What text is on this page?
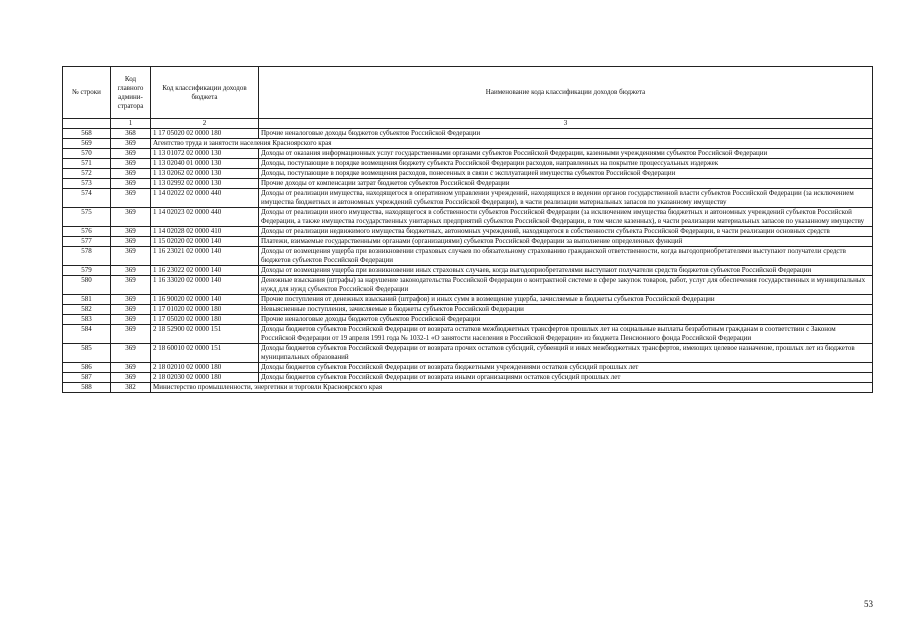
№ строки	Код главного админи-стратора	Код классификации доходов бюджета	Наименование кода классификации доходов бюджета
	1	2	3
568	368	1 17 05020 02 0000 180	Прочие неналоговые доходы бюджетов субъектов Российской Федерации
569	369	Агентство труда и занятости населения Красноярского края	
570	369	1 13 01072 02 0000 130	Доходы от оказания информационных услуг государственными органами субъектов Российской Федерации, казенными учреждениями субъектов Российской Федерации
571	369	1 13 02040 01 0000 130	Доходы, поступающие в порядке возмещения бюджету субъекта Российской Федерации расходов, направленных на покрытие процессуальных издержек
572	369	1 13 02062 02 0000 130	Доходы, поступающие в порядке возмещения расходов, понесенных в связи с эксплуатацией имущества субъектов Российской Федерации
573	369	1 13 02992 02 0000 130	Прочие доходы от компенсации затрат бюджетов субъектов Российской Федерации
574	369	1 14 02022 02 0000 440	Доходы от реализации имущества, находящегося в оперативном управлении учреждений, находящихся в ведении органов государственной власти субъектов Российской Федерации (за исключением имущества бюджетных и автономных учреждений субъектов Российской Федерации), в части реализации материальных запасов по указанному имуществу
575	369	1 14 02023 02 0000 440	Доходы от реализации иного имущества, находящегося в собственности субъектов Российской Федерации (за исключением имущества бюджетных и автономных учреждений субъектов Российской Федерации, а также имущества государственных унитарных предприятий субъектов Российской Федерации, в том числе казенных), в части реализации материальных запасов по указанному имуществу
576	369	1 14 02028 02 0000 410	Доходы от реализации недвижимого имущества бюджетных, автономных учреждений, находящегося в собственности субъекта Российской Федерации, в части реализации основных средств
577	369	1 15 02020 02 0000 140	Платежи, взимаемые государственными органами (организациями) субъектов Российской Федерации за выполнение определенных функций
578	369	1 16 23021 02 0000 140	Доходы от возмещения ущерба при возникновении страховых случаев по обязательному страхованию гражданской ответственности, когда выгодоприобретателями выступают получатели средств бюджетов субъектов Российской Федерации
579	369	1 16 23022 02 0000 140	Доходы от возмещения ущерба при возникновении иных страховых случаев, когда выгодоприобретателями выступают получатели средств бюджетов субъектов Российской Федерации
580	369	1 16 33020 02 0000 140	Денежные взыскания (штрафы) за нарушение законодательства Российской Федерации о контрактной системе в сфере закупок товаров, работ, услуг для обеспечения государственных и муниципальных нужд для нужд субъектов Российской Федерации
581	369	1 16 90020 02 0000 140	Прочие поступления от денежных взысканий (штрафов) и иных сумм в возмещение ущерба, зачисляемые в бюджеты субъектов Российской Федерации
582	369	1 17 01020 02 0000 180	Невыясненные поступления, зачисляемые в бюджеты субъектов Российской Федерации
583	369	1 17 05020 02 0000 180	Прочие неналоговые доходы бюджетов субъектов Российской Федерации
584	369	2 18 52900 02 0000 151	Доходы бюджетов субъектов Российской Федерации от возврата остатков межбюджетных трансфертов прошлых лет на социальные выплаты безработным гражданам в соответствии с Законом Российской Федерации от 19 апреля 1991 года № 1032-1 «О занятости населения в Российской Федерации» из бюджета Пенсионного фонда Российской Федерации
585	369	2 18 60010 02 0000 151	Доходы бюджетов субъектов Российской Федерации от возврата прочих остатков субсидий, субвенций и иных межбюджетных трансфертов, имеющих целевое назначение, прошлых лет из бюджетов муниципальных образований
586	369	2 18 02010 02 0000 180	Доходы бюджетов субъектов Российской Федерации от возврата бюджетными учреждениями остатков субсидий прошлых лет
587	369	2 18 02030 02 0000 180	Доходы бюджетов субъектов Российской Федерации от возврата иными организациями остатков субсидий прошлых лет
588	382	Министерство промышленности, энергетики и торговли Красноярского края	
53
